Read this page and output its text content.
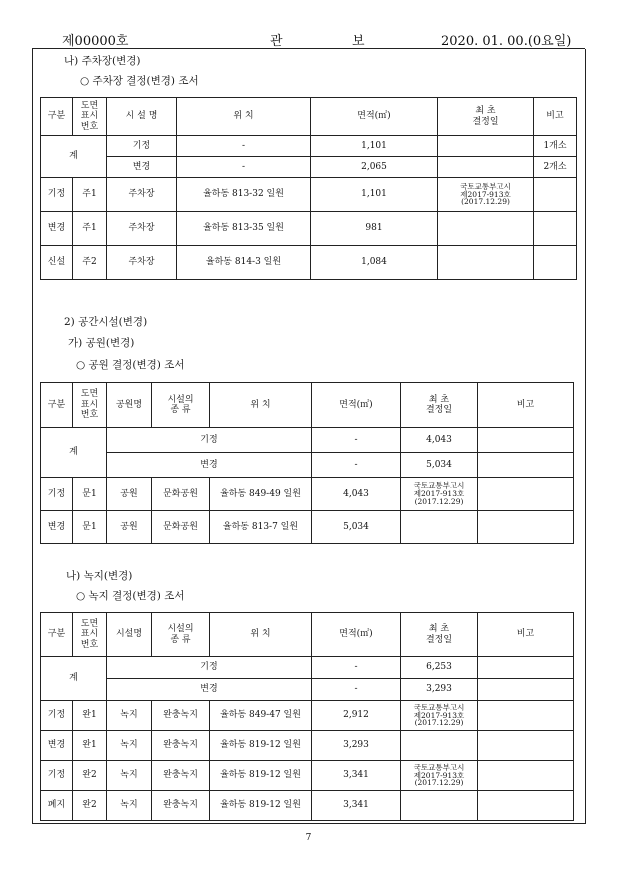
제00000호	관	보	2020. 01. 00.(0요일)
나) 주차장(변경)
○ 주차장 결정(변경) 조서
구분	도면
표시
번호	시 설 명	위 치	면적(㎡)	최 초
결정일	비고
계		기정	-	1,101		1개소
		변경	-	2,065		2개소
기정	주1	주차장	율하동 813-32 일원	1,101	국토교통부고시
제2017-913호
(2017.12.29)	
변경	주1	주차장	율하동 813-35 일원	981		
신설	주2	주차장	율하동 814-3 일원	1,084		
2) 공간시설(변경)
가) 공원(변경)
○ 공원 결정(변경) 조서
구분	도면
표시
번호	공원명	시설의
종 류	위 치	면적(㎡)	최 초
결정일	비고	
계		기정			-	4,043		
		변경			-	5,034		
기정	문1	공원	문화공원	율하동 849-49 일원	4,043	국토교통부고시
제2017-913호
(2017.12.29)		
변경	문1	공원	문화공원	율하동 813-7 일원	5,034			
나) 녹지(변경)
○ 녹지 결정(변경) 조서
구분	도면
표시
번호	시설명	시설의
종 류	위 치	면적(㎡)	최 초
결정일	비고	
계		기정			-	6,253		
		변경			-	3,293		
기정	완1	녹지	완충녹지	율하동 849-47 일원	2,912	국토교통부고시
제2017-913호
(2017.12.29)		
변경	완1	녹지	완충녹지	율하동 819-12 일원	3,293			
기정	완2	녹지	완충녹지	율하동 819-12 일원	3,341	국토교통부고시
제2017-913호
(2017.12.29)		
폐지	완2	녹지	완충녹지	율하동 819-12 일원	3,341			
7
